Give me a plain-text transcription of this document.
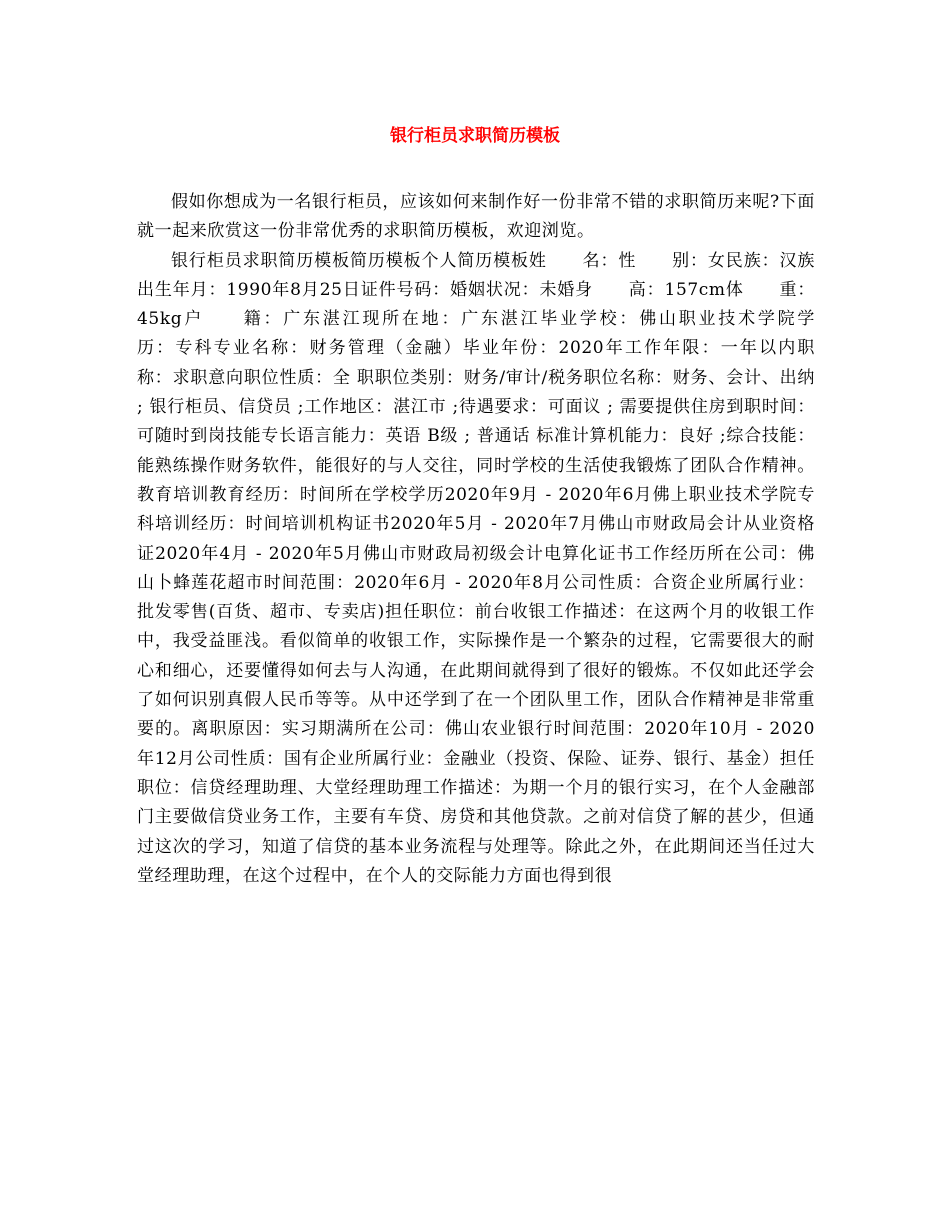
银行柜员求职简历模板

假如你想成为一名银行柜员，应该如何来制作好一份非常不错的求职简历来呢?下面就一起来欣赏这一份非常优秀的求职简历模板，欢迎浏览。

银行柜员求职简历模板简历模板个人简历模板姓　　名：性　　别：女民族：汉族出生年月：1990年8月25日证件号码：婚姻状况：未婚身　　高：157cm体　　重：45kg户　　籍：广东湛江现所在地：广东湛江毕业学校：佛山职业技术学院学　　历：专科专业名称：财务管理（金融）毕业年份：2020年工作年限：一年以内职　　称：求职意向职位性质：全 职职位类别：财务/审计/税务职位名称：财务、会计、出纳 ; 银行柜员、信贷员 ;工作地区：湛江市 ;待遇要求：可面议 ; 需要提供住房到职时间：可随时到岗技能专长语言能力：英语 B级 ; 普通话 标准计算机能力：良好 ;综合技能：能熟练操作财务软件，能很好的与人交往，同时学校的生活使我锻炼了团队合作精神。教育培训教育经历：时间所在学校学历2020年9月 - 2020年6月佛上职业技术学院专科培训经历：时间培训机构证书2020年5月 - 2020年7月佛山市财政局会计从业资格证2020年4月 - 2020年5月佛山市财政局初级会计电算化证书工作经历所在公司：佛山卜蜂莲花超市时间范围：2020年6月 - 2020年8月公司性质：合资企业所属行业：批发零售(百货、超市、专卖店)担任职位：前台收银工作描述：在这两个月的收银工作中，我受益匪浅。看似简单的收银工作，实际操作是一个繁杂的过程，它需要很大的耐心和细心，还要懂得如何去与人沟通，在此期间就得到了很好的锻炼。不仅如此还学会了如何识别真假人民币等等。从中还学到了在一个团队里工作，团队合作精神是非常重要的。离职原因：实习期满所在公司：佛山农业银行时间范围：2020年10月 - 2020年12月公司性质：国有企业所属行业：金融业（投资、保险、证券、银行、基金）担任职位：信贷经理助理、大堂经理助理工作描述：为期一个月的银行实习，在个人金融部门主要做信贷业务工作，主要有车贷、房贷和其他贷款。之前对信贷了解的甚少，但通过这次的学习，知道了信贷的基本业务流程与处理等。除此之外，在此期间还当任过大堂经理助理，在这个过程中，在个人的交际能力方面也得到很
